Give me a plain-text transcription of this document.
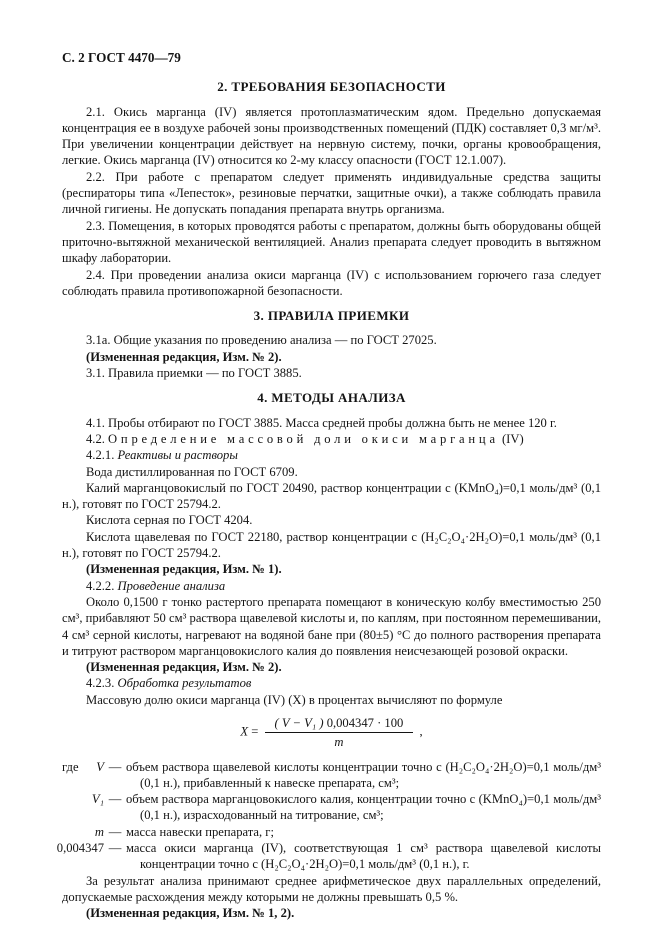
С. 2 ГОСТ 4470—79
2. ТРЕБОВАНИЯ БЕЗОПАСНОСТИ

2.1. Окись марганца (IV) является протоплазматическим ядом. Предельно допускаемая концентрация ее в воздухе рабочей зоны производственных помещений (ПДК) составляет 0,3 мг/м³. При увеличении концентрации действует на нервную систему, почки, органы кровообращения, легкие. Окись марганца (IV) относится ко 2-му классу опасности (ГОСТ 12.1.007).

2.2. При работе с препаратом следует применять индивидуальные средства защиты (респираторы типа «Лепесток», резиновые перчатки, защитные очки), а также соблюдать правила личной гигиены. Не допускать попадания препарата внутрь организма.

2.3. Помещения, в которых проводятся работы с препаратом, должны быть оборудованы общей приточно-вытяжной механической вентиляцией. Анализ препарата следует проводить в вытяжном шкафу лаборатории.

2.4. При проведении анализа окиси марганца (IV) с использованием горючего газа следует соблюдать правила противопожарной безопасности.

3. ПРАВИЛА ПРИЕМКИ

3.1а. Общие указания по проведению анализа — по ГОСТ 27025.

(Измененная редакция, Изм. № 2).

3.1. Правила приемки — по ГОСТ 3885.

4. МЕТОДЫ АНАЛИЗА

4.1. Пробы отбирают по ГОСТ 3885. Масса средней пробы должна быть не менее 120 г.

4.2. Определение массовой доли окиси марганца (IV)

4.2.1. Реактивы и растворы

Вода дистиллированная по ГОСТ 6709.

Калий марганцовокислый по ГОСТ 20490, раствор концентрации с (KMnO₄)=0,1 моль/дм³ (0,1 н.), готовят по ГОСТ 25794.2.

Кислота серная по ГОСТ 4204.

Кислота щавелевая по ГОСТ 22180, раствор концентрации с (H₂C₂O₄·2H₂O)=0,1 моль/дм³ (0,1 н.), готовят по ГОСТ 25794.2.

(Измененная редакция, Изм. № 1).

4.2.2. Проведение анализа

Около 0,1500 г тонко растертого препарата помещают в коническую колбу вместимостью 250 см³, прибавляют 50 см³ раствора щавелевой кислоты и, по каплям, при постоянном перемешивании, 4 см³ серной кислоты, нагревают на водяной бане при (80±5) °С до полного растворения препарата и титруют раствором марганцовокислого калия до появления неисчезающей розовой окраски.

(Измененная редакция, Изм. № 2).

4.2.3. Обработка результатов

Массовую долю окиси марганца (IV) (X) в процентах вычисляют по формуле

$X = \frac{\text{( V − V₁ ) 0,004347 · 100}}{m}$ ,
где V — объем раствора щавелевой кислоты концентрации точно с (H₂C₂O₄·2H₂O)=0,1 моль/дм³ (0,1 н.), прибавленный к навеске препарата, см³;
V₁ — объем раствора марганцовокислого калия, концентрации точно с (KMnO₄)=0,1 моль/дм³ (0,1 н.), израсходованный на титрование, см³;
m — масса навески препарата, г;
0,004347 — масса окиси марганца (IV), соответствующая 1 см³ раствора щавелевой кислоты концентрации точно с (H₂C₂O₄·2H₂O)=0,1 моль/дм³ (0,1 н.), г.

За результат анализа принимают среднее арифметическое двух параллельных определений, допускаемые расхождения между которыми не должны превышать 0,5 %.

(Измененная редакция, Изм. № 1, 2).
